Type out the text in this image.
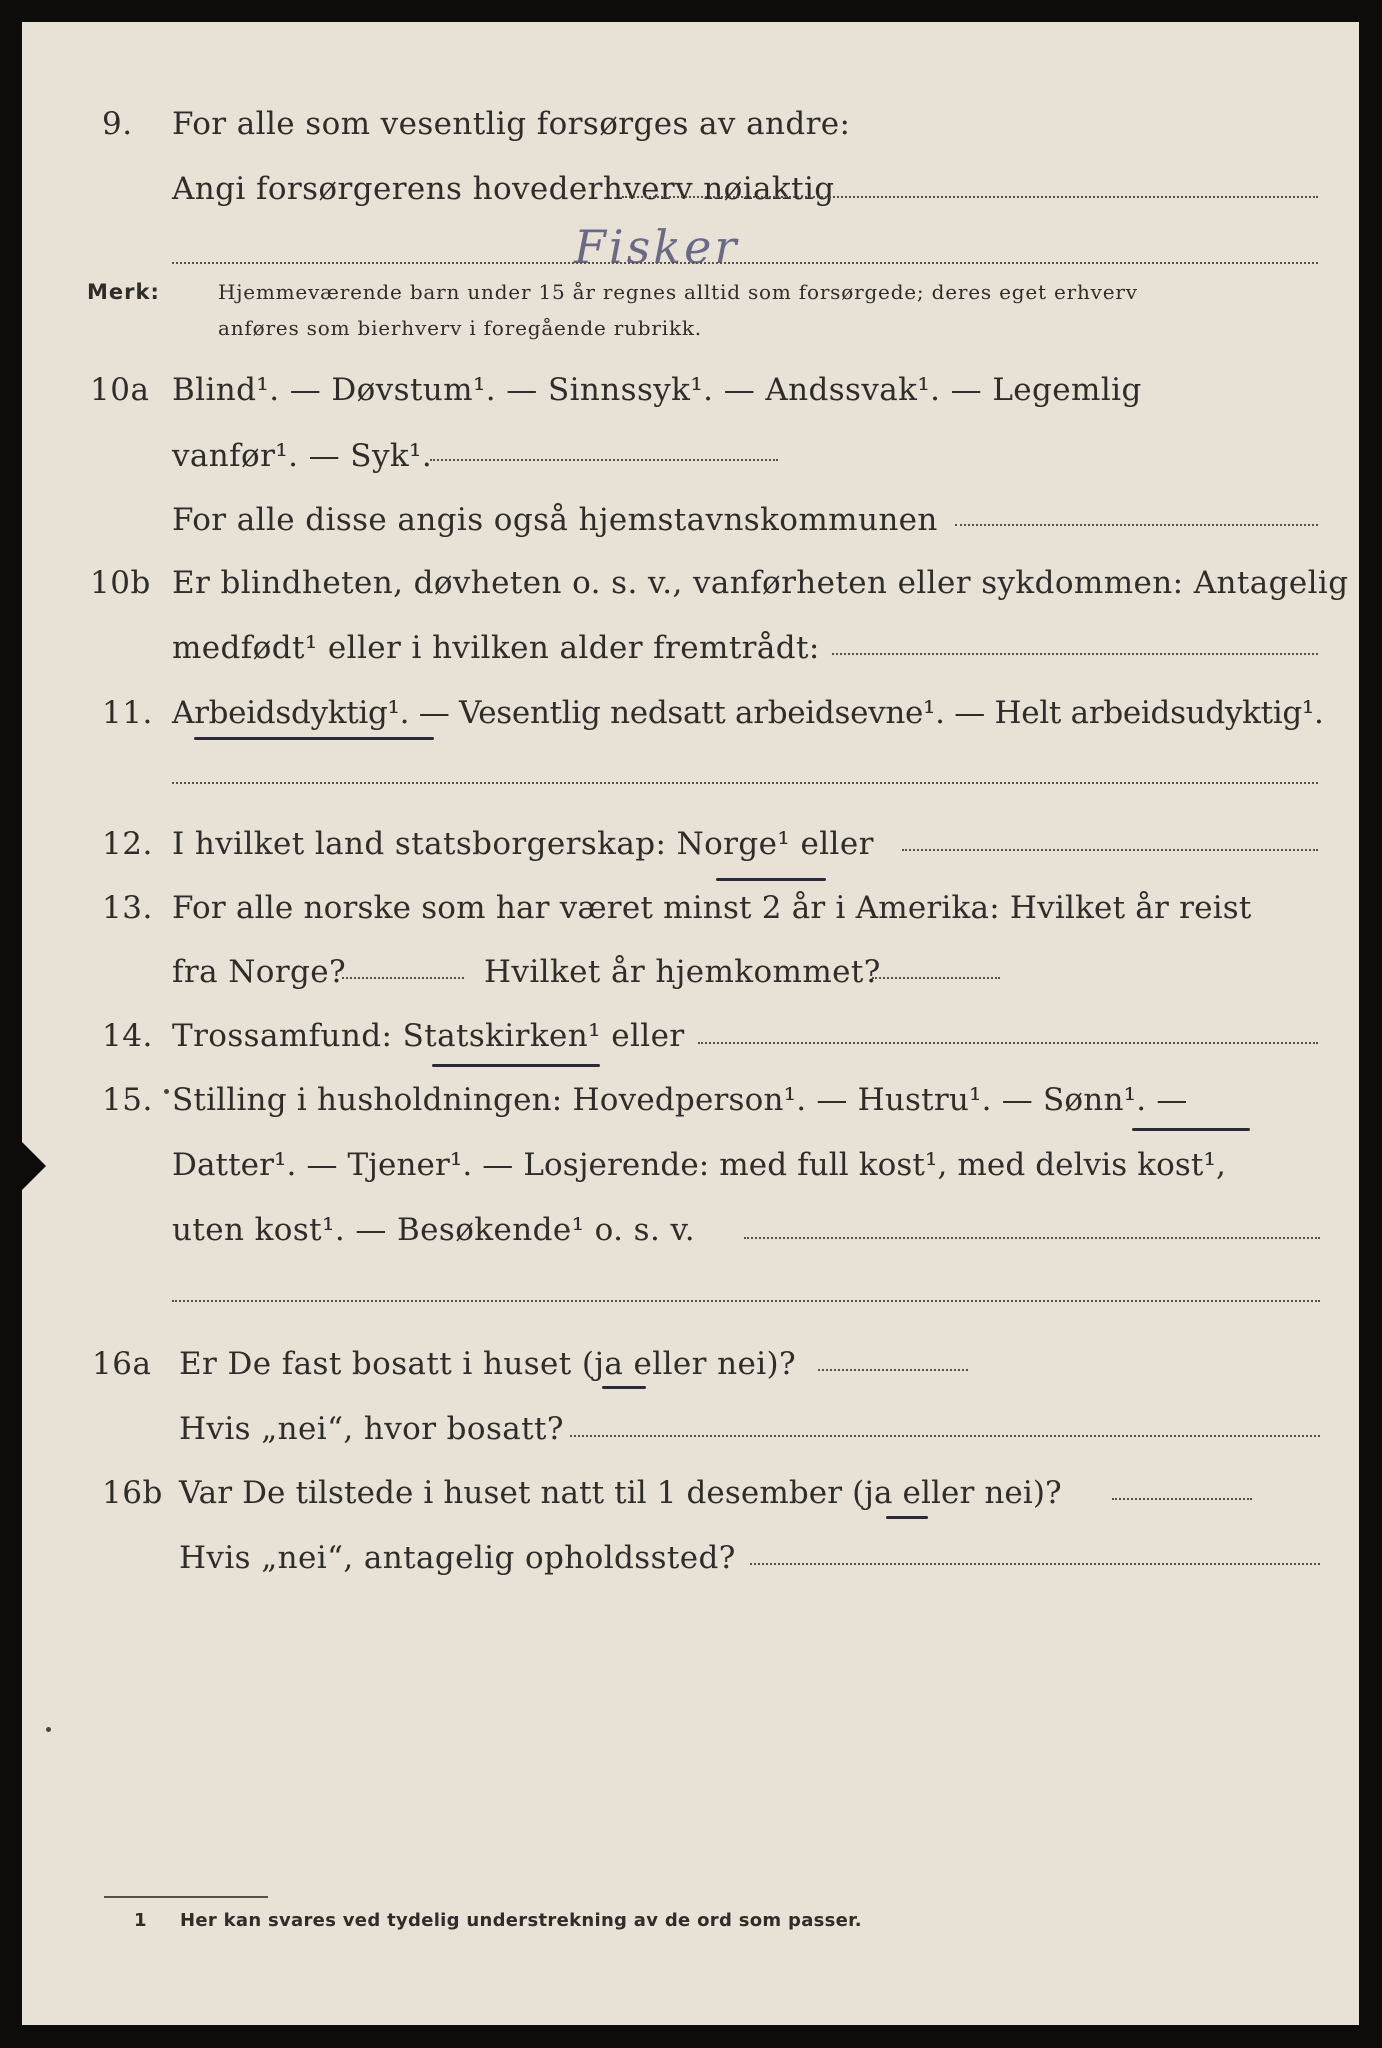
9. For alle som vesentlig forsørges av andre:
Angi forsørgerens hovederhverv nøiaktig
Fisker
Merk:	Hjemmeværende barn under 15 år regnes alltid som forsørgede; deres eget erhverv
anføres som bierhverv i foregående rubrikk.
10a Blind¹. — Døvstum¹. — Sinnssyk¹. — Andssvak¹. — Legemlig
vanfør¹. — Syk¹.
For alle disse angis også hjemstavnskommunen
10b Er blindheten, døvheten o. s. v., vanførheten eller sykdommen: Antagelig
medfødt¹ eller i hvilken alder fremtrådt:
11. Arbeidsdyktig¹. — Vesentlig nedsatt arbeidsevne¹. — Helt arbeidsudyktig¹.
12. I hvilket land statsborgerskap: Norge¹ eller
13. For alle norske som har været minst 2 år i Amerika: Hvilket år reist
fra Norge?	Hvilket år hjemkommet?
14. Trossamfund: Statskirken¹ eller
15. Stilling i husholdningen: Hovedperson¹. — Hustru¹. — Sønn¹. —
Datter¹. — Tjener¹. — Losjerende: med full kost¹, med delvis kost¹,
uten kost¹. — Besøkende¹ o. s. v.
16a Er De fast bosatt i huset (ja eller nei)?
Hvis „nei“, hvor bosatt?
16b Var De tilstede i huset natt til 1 desember (ja eller nei)?
Hvis „nei“, antagelig opholdssted?
1 Her kan svares ved tydelig understrekning av de ord som passer.
